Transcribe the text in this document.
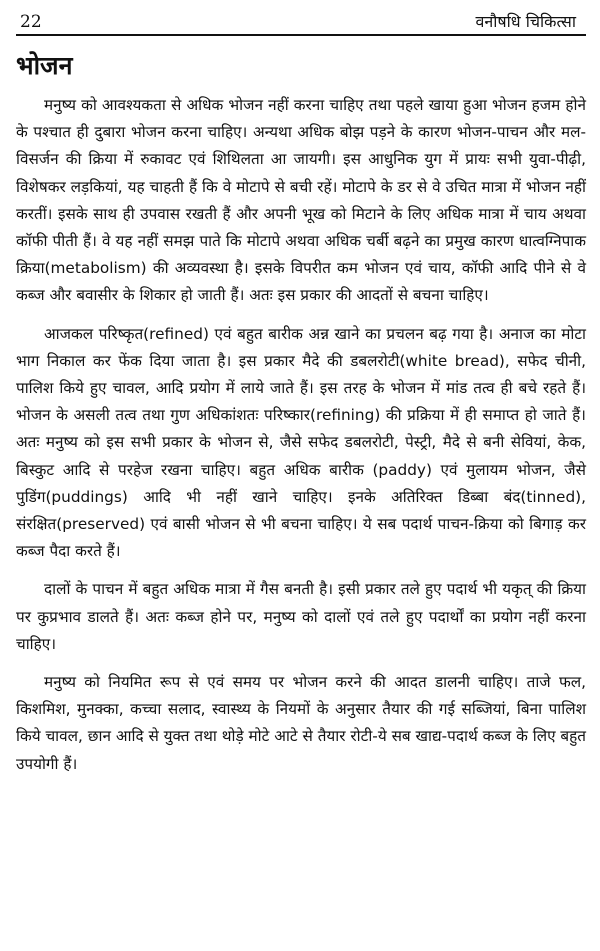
22	वनौषधि चिकित्सा
भोजन

मनुष्य को आवश्यकता से अधिक भोजन नहीं करना चाहिए तथा पहले खाया हुआ भोजन हजम होने के पश्चात ही दुबारा भोजन करना चाहिए। अन्यथा अधिक बोझ पड़ने के कारण भोजन-पाचन और मल-विसर्जन की क्रिया में रुकावट एवं शिथिलता आ जायगी। इस आधुनिक युग में प्रायः सभी युवा-पीढ़ी, विशेषकर लड़कियां, यह चाहती हैं कि वे मोटापे से बची रहें। मोटापे के डर से वे उचित मात्रा में भोजन नहीं करतीं। इसके साथ ही उपवास रखती हैं और अपनी भूख को मिटाने के लिए अधिक मात्रा में चाय अथवा कॉफी पीती हैं। वे यह नहीं समझ पाते कि मोटापे अथवा अधिक चर्बी बढ़ने का प्रमुख कारण धात्वग्निपाक क्रिया(metabolism) की अव्यवस्था है। इसके विपरीत कम भोजन एवं चाय, कॉफी आदि पीने से वे कब्ज और बवासीर के शिकार हो जाती हैं। अतः इस प्रकार की आदतों से बचना चाहिए।

आजकल परिष्कृत(refined) एवं बहुत बारीक अन्न खाने का प्रचलन बढ़ गया है। अनाज का मोटा भाग निकाल कर फेंक दिया जाता है। इस प्रकार मैदे की डबलरोटी(white bread), सफेद चीनी, पालिश किये हुए चावल, आदि प्रयोग में लाये जाते हैं। इस तरह के भोजन में मांड तत्व ही बचे रहते हैं। भोजन के असली तत्व तथा गुण अधिकांशतः परिष्कार(refining) की प्रक्रिया में ही समाप्त हो जाते हैं। अतः मनुष्य को इस सभी प्रकार के भोजन से, जैसे सफेद डबलरोटी, पेस्ट्री, मैदे से बनी सेवियां, केक, बिस्कुट आदि से परहेज रखना चाहिए। बहुत अधिक बारीक (paddy) एवं मुलायम भोजन, जैसे पुडिंग(puddings) आदि भी नहीं खाने चाहिए। इनके अतिरिक्त डिब्बा बंद(tinned), संरक्षित(preserved) एवं बासी भोजन से भी बचना चाहिए। ये सब पदार्थ पाचन-क्रिया को बिगाड़ कर कब्ज पैदा करते हैं।

दालों के पाचन में बहुत अधिक मात्रा में गैस बनती है। इसी प्रकार तले हुए पदार्थ भी यकृत् की क्रिया पर कुप्रभाव डालते हैं। अतः कब्ज होने पर, मनुष्य को दालों एवं तले हुए पदार्थों का प्रयोग नहीं करना चाहिए।

मनुष्य को नियमित रूप से एवं समय पर भोजन करने की आदत डालनी चाहिए। ताजे फल, किशमिश, मुनक्का, कच्चा सलाद, स्वास्थ्य के नियमों के अनुसार तैयार की गई सब्जियां, बिना पालिश किये चावल, छान आदि से युक्त तथा थोड़े मोटे आटे से तैयार रोटी-ये सब खाद्य-पदार्थ कब्ज के लिए बहुत उपयोगी हैं।
